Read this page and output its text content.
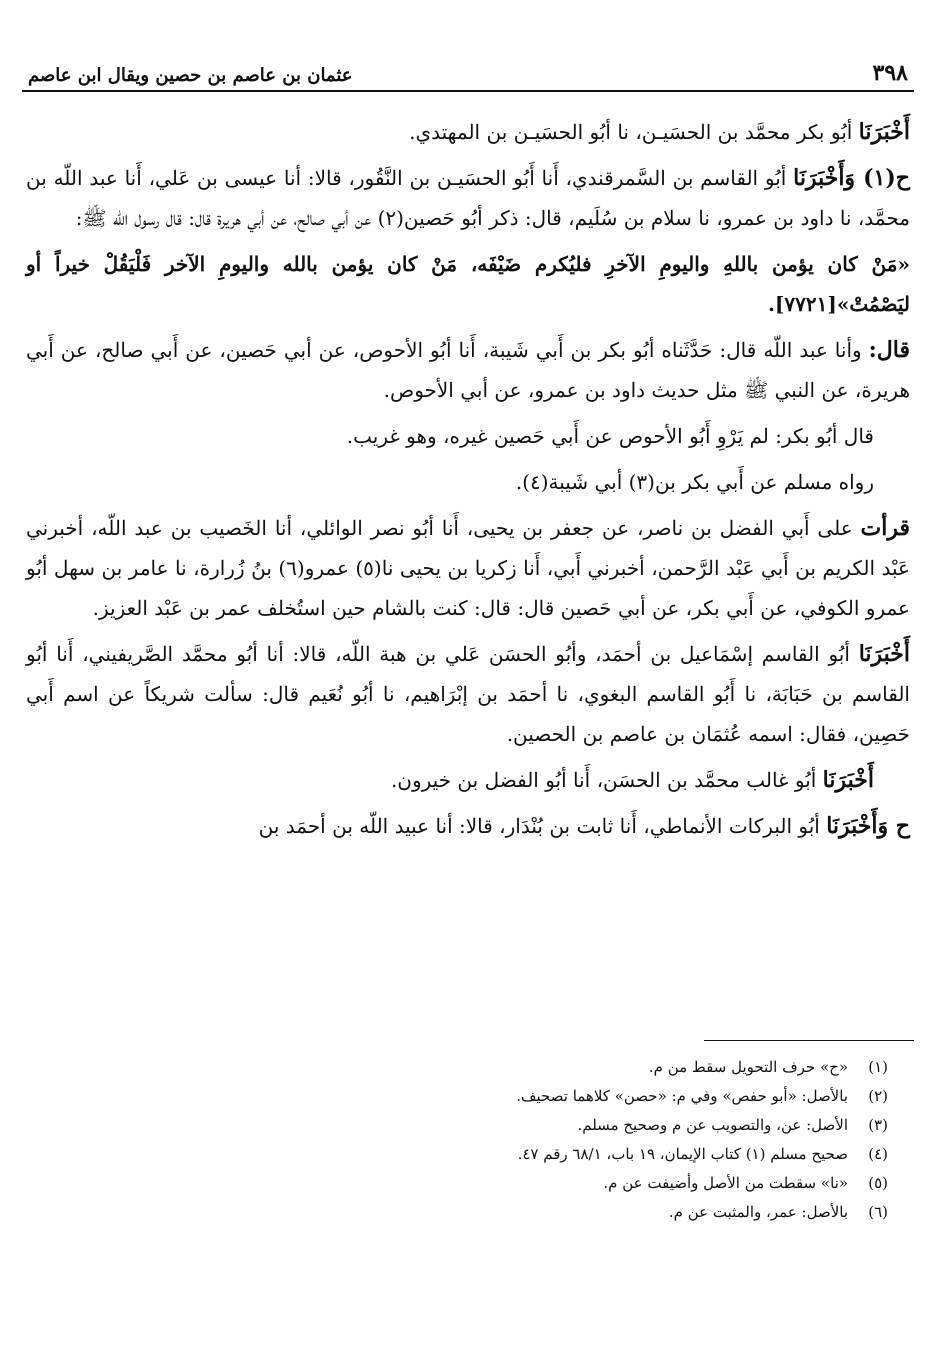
٣٩٨
عثمان بن عاصم بن حصين ويقال ابن عاصم

أَخْبَرَنَا أبُو بكر محمَّد بن الحسَيـن، نا أبُو الحسَيـن بن المهتدي.

ح(١) وَأَخْبَرَنَا أبُو القاسم بن السَّمرقندي، أَنا أَبُو الحسَيـن بن النَّقُور، قالا: أنا عيسى بن عَلي، أَنا عبد اللّه بن محمَّد، نا داود بن عمرو، نا سلام بن سُلَيم، قال: ذكر أبُو حَصين(٢) عن أبي صالح، عن أبي هريرة قال: قال رسول اللّه ﷺ:

«مَنْ كان يؤمن باللهِ واليومِ الآخرِ فليُكرم ضَيْفَه، مَنْ كان يؤمن بالله واليومِ الآخر فَلْيَقُلْ خيراً أو ليَصْمُتْ»[٧٧٢١].

قال: وأنا عبد اللّه قال: حَدَّثَناه أبُو بكر بن أَبي شَيبة، أَنا أبُو الأحوص، عن أبي حَصين، عن أَبي صالح، عن أَبي هريرة، عن النبي ﷺ مثل حديث داود بن عمرو، عن أبي الأحوص.

قال أبُو بكر: لم يَرْوِ أَبُو الأحوص عن أَبي حَصين غيره، وهو غريب.

رواه مسلم عن أَبي بكر بن(٣) أبي شَيبة(٤).

قرأت على أَبي الفضل بن ناصر، عن جعفر بن يحيى، أَنا أبُو نصر الوائلي، أنا الخَصيب بن عبد اللّه، أخبرني عَبْد الكريم بن أَبي عَبْد الرَّحمن، أخبرني أَبي، أَنا زكريا بن يحيى نا(٥) عمرو(٦) بنُ زُرارة، نا عامر بن سهل أبُو عمرو الكوفي، عن أَبي بكر، عن أبي حَصين قال: قال: كنت بالشام حين استُخلف عمر بن عَبْد العزيز.

أَخْبَرَنَا أبُو القاسم إسْمَاعيل بن أحمَد، وأبُو الحسَن عَلي بن هبة اللّه، قالا: أنا أبُو محمَّد الصَّريفيني، أَنا أبُو القاسم بن حَبَابَة، نا أَبُو القاسم البغوي، نا أحمَد بن إبْرَاهيم، نا أبُو نُعَيم قال: سألت شريكاً عن اسم أَبي حَصِين، فقال: اسمه عُثمَان بن عاصم بن الحصين.

أَخْبَرَنَا أبُو غالب محمَّد بن الحسَن، أَنا أبُو الفضل بن خيرون.

ح وَأَخْبَرَنَا أبُو البركات الأنماطي، أَنا ثابت بن بُنْدَار، قالا: أنا عبيد اللّه بن أحمَد بن

(١)
«ح» حرف التحويل سقط من م.
(٢)
بالأصل: «أبو حفص» وفي م: «حصن» كلاهما تصحيف.
(٣)
الأصل: عن، والتصويب عن م وصحيح مسلم.
(٤)
صحيح مسلم (١) كتاب الإيمان، ١٩ باب، ٦٨/١ رقم ٤٧.
(٥)
«نا» سقطت من الأصل وأضيفت عن م.
(٦)
بالأصل: عمر، والمثبت عن م.
